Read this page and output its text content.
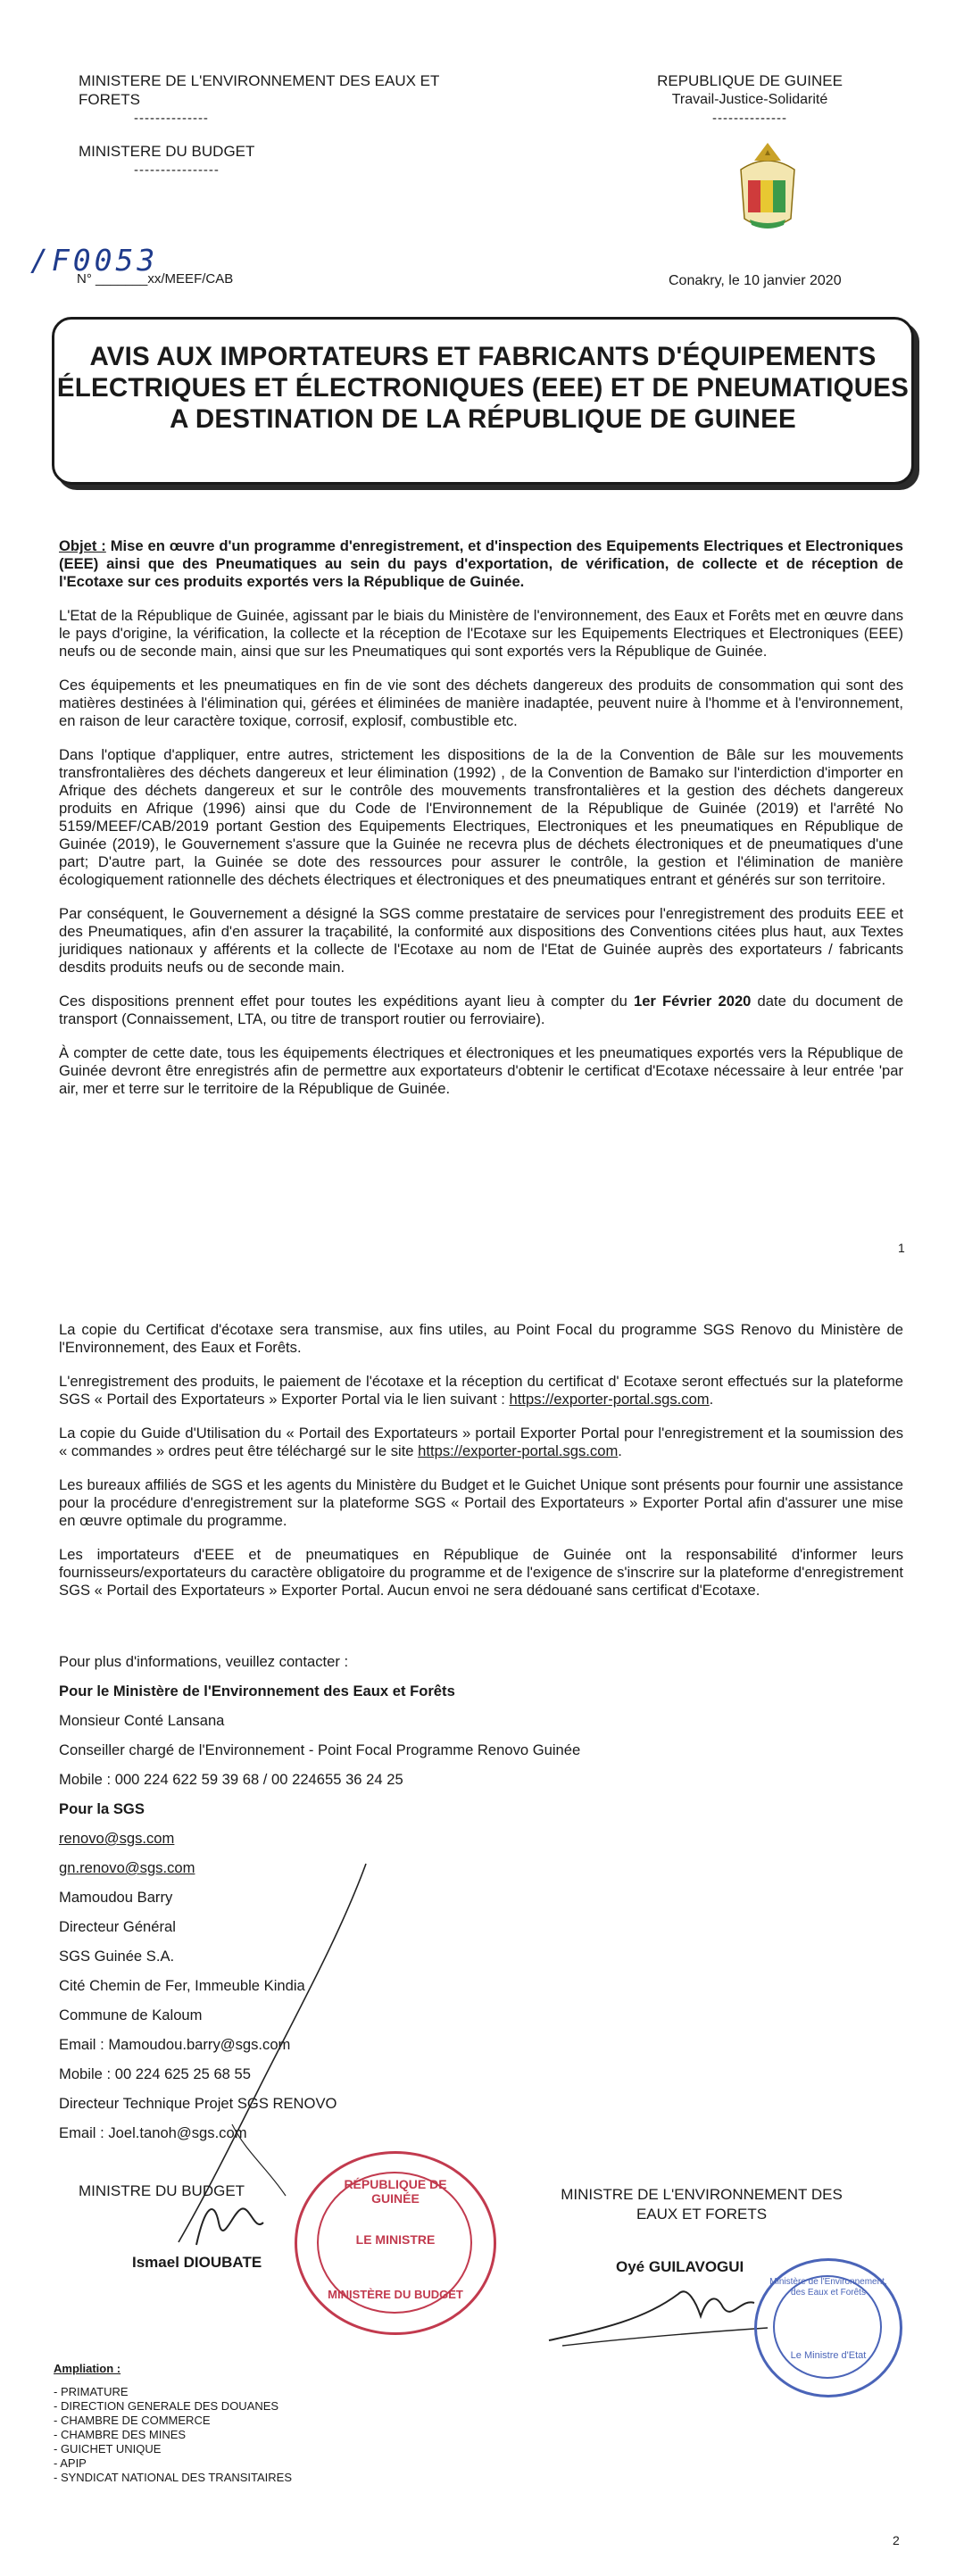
MINISTERE DE L'ENVIRONNEMENT DES EAUX ET FORETS
--------------
MINISTERE DU BUDGET
----------------
REPUBLIQUE DE GUINEE
Travail-Justice-Solidarité
--------------
/F0053
N° _______xx/MEEF/CAB	Conakry, le 10 janvier 2020
AVIS AUX IMPORTATEURS ET FABRICANTS D'ÉQUIPEMENTS ÉLECTRIQUES ET ÉLECTRONIQUES (EEE) ET DE PNEUMATIQUES A DESTINATION DE LA RÉPUBLIQUE DE GUINEE

Objet : Mise en œuvre d'un programme d'enregistrement, et d'inspection des Equipements Electriques et Electroniques (EEE) ainsi que des Pneumatiques au sein du pays d'exportation, de vérification, de collecte et de réception de l'Ecotaxe sur ces produits exportés vers la République de Guinée.

L'Etat de la République de Guinée, agissant par le biais du Ministère de l'environnement, des Eaux et Forêts met en œuvre dans le pays d'origine, la vérification, la collecte et la réception de l'Ecotaxe sur les Equipements Electriques et Electroniques (EEE) neufs ou de seconde main, ainsi que sur les Pneumatiques qui sont exportés vers la République de Guinée.

Ces équipements et les pneumatiques en fin de vie sont des déchets dangereux des produits de consommation qui sont des matières destinées à l'élimination qui, gérées et éliminées de manière inadaptée, peuvent nuire à l'homme et à l'environnement, en raison de leur caractère toxique, corrosif, explosif, combustible etc.

Dans l'optique d'appliquer, entre autres, strictement les dispositions de la de la Convention de Bâle sur les mouvements transfrontalières des déchets dangereux et leur élimination (1992) , de la Convention de Bamako sur l'interdiction d'importer en Afrique des déchets dangereux et sur le contrôle des mouvements transfrontalières et la gestion des déchets dangereux produits en Afrique (1996) ainsi que du Code de l'Environnement de la République de Guinée (2019) et l'arrêté No 5159/MEEF/CAB/2019 portant Gestion des Equipements Electriques, Electroniques et les pneumatiques en République de Guinée (2019), le Gouvernement s'assure que la Guinée ne recevra plus de déchets électroniques et de pneumatiques d'une part; D'autre part, la Guinée se dote des ressources pour assurer le contrôle, la gestion et l'élimination de manière écologiquement rationnelle des déchets électriques et électroniques et des pneumatiques entrant et générés sur son territoire.

Par conséquent, le Gouvernement a désigné la SGS comme prestataire de services pour l'enregistrement des produits EEE et des Pneumatiques, afin d'en assurer la traçabilité, la conformité aux dispositions des Conventions citées plus haut, aux Textes juridiques nationaux y afférents et la collecte de l'Ecotaxe au nom de l'Etat de Guinée auprès des exportateurs / fabricants desdits produits neufs ou de seconde main.

Ces dispositions prennent effet pour toutes les expéditions ayant lieu à compter du 1er Février 2020 date du document de transport (Connaissement, LTA, ou titre de transport routier ou ferroviaire).

À compter de cette date, tous les équipements électriques et électroniques et les pneumatiques exportés vers la République de Guinée devront être enregistrés afin de permettre aux exportateurs d'obtenir le certificat d'Ecotaxe nécessaire à leur entrée 'par air, mer et terre sur le territoire de la République de Guinée.

1

La copie du Certificat d'écotaxe sera transmise, aux fins utiles, au Point Focal du programme SGS Renovo du Ministère de l'Environnement, des Eaux et Forêts.

L'enregistrement des produits, le paiement de l'écotaxe et la réception du certificat d' Ecotaxe seront effectués sur la plateforme SGS « Portail des Exportateurs » Exporter Portal via le lien suivant : https://exporter-portal.sgs.com.

La copie du Guide d'Utilisation du « Portail des Exportateurs » portail Exporter Portal pour l'enregistrement et la soumission des « commandes » ordres peut être téléchargé sur le site https://exporter-portal.sgs.com.

Les bureaux affiliés de SGS et les agents du Ministère du Budget et le Guichet Unique sont présents pour fournir une assistance pour la procédure d'enregistrement sur la plateforme SGS « Portail des Exportateurs » Exporter Portal afin d'assurer une mise en œuvre optimale du programme.

Les importateurs d'EEE et de pneumatiques en République de Guinée ont la responsabilité d'informer leurs fournisseurs/exportateurs du caractère obligatoire du programme et de l'exigence de s'inscrire sur la plateforme d'enregistrement SGS « Portail des Exportateurs » Exporter Portal. Aucun envoi ne sera dédouané sans certificat d'Ecotaxe.

Pour plus d'informations, veuillez contacter :
Pour le Ministère de l'Environnement des Eaux et Forêts
Monsieur Conté Lansana
Conseiller chargé de l'Environnement - Point Focal Programme Renovo Guinée
Mobile : 000 224 622 59 39 68 / 00 224655 36 24 25
Pour la SGS
renovo@sgs.com
gn.renovo@sgs.com
Mamoudou Barry
Directeur Général
SGS Guinée S.A.
Cité Chemin de Fer, Immeuble Kindia
Commune de Kaloum
Email : Mamoudou.barry@sgs.com
Mobile : 00 224 625 25 68 55
Directeur Technique Projet SGS RENOVO
Email : Joel.tanoh@sgs.com
MINISTRE DU BUDGET
Ismael DIOUBATE
RÉPUBLIQUE DE GUINÉE
LE MINISTRE
MINISTÈRE DU BUDGET
MINISTRE DE L'ENVIRONNEMENT DES EAUX ET FORETS
Oyé GUILAVOGUI
Ministère de l'Environnement, des Eaux et Forêts
Le Ministre d'Etat
Ampliation :
- PRIMATURE
- DIRECTION GENERALE DES DOUANES
- CHAMBRE DE COMMERCE
- CHAMBRE DES MINES
- GUICHET UNIQUE
- APIP
- SYNDICAT NATIONAL DES TRANSITAIRES
2
